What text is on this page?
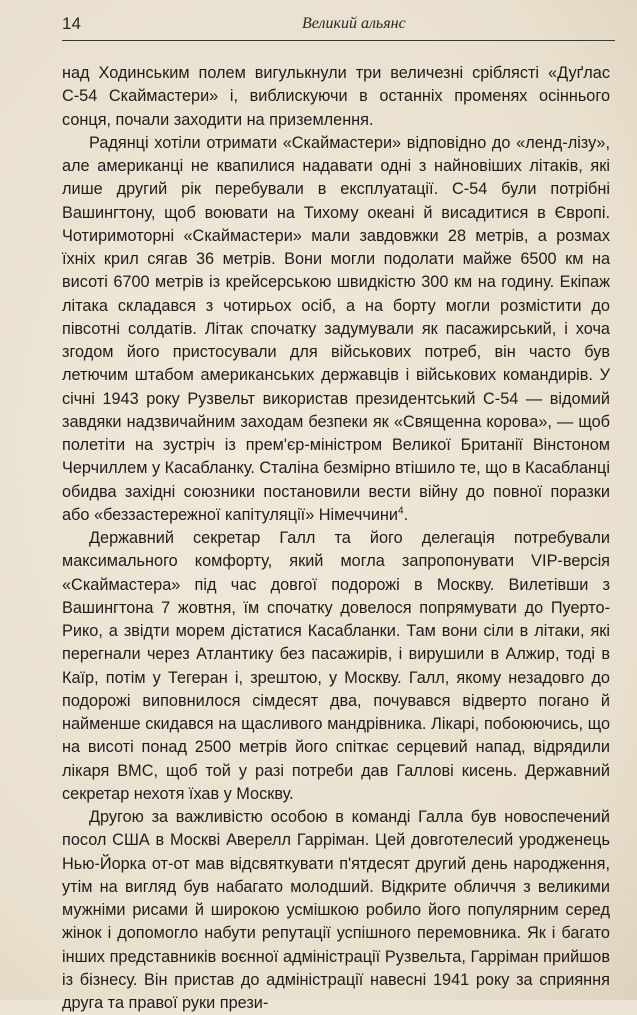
14	Великий альянс

над Ходинським полем вигулькнули три величезні сріблясті «Дуґлас С-54 Скаймастери» і, виблискуючи в останніх променях осіннього сонця, почали заходити на приземлення.

Радянці хотіли отримати «Скаймастери» відповідно до «ленд-лізу», але американці не квапилися надавати одні з найновіших літаків, які лише другий рік перебували в експлуатації. С-54 були потрібні Вашингтону, щоб воювати на Тихому океані й висадитися в Європі. Чотиримоторні «Скаймастери» мали завдовжки 28 метрів, а розмах їхніх крил сягав 36 метрів. Вони могли подолати майже 6500 км на висоті 6700 метрів із крейсерською швидкістю 300 км на годину. Екіпаж літака складався з чотирьох осіб, а на борту могли розмістити до півсотні солдатів. Літак спочатку задумували як пасажирський, і хоча згодом його пристосували для військових потреб, він часто був летючим штабом американських державців і військових командирів. У січні 1943 року Рузвельт використав президентський С-54 — відомий завдяки надзвичайним заходам безпеки як «Священна корова», — щоб полетіти на зустріч із прем'єр-міністром Великої Британії Вінстоном Черчиллем у Касабланку. Сталіна безмірно втішило те, що в Касабланці обидва західні союзники постановили вести війну до повної поразки або «беззастережної капітуляції» Німеччини$^4$.

Державний секретар Галл та його делегація потребували максимального комфорту, який могла запропонувати VIP-версія «Скаймастера» під час довгої подорожі в Москву. Вилетівши з Вашингтона 7 жовтня, їм спочатку довелося попрямувати до Пуерто-Рико, а звідти морем дістатися Касабланки. Там вони сіли в літаки, які перегнали через Атлантику без пасажирів, і вирушили в Алжир, тоді в Каїр, потім у Тегеран і, зрештою, у Москву. Галл, якому незадовго до подорожі виповнилося сімдесят два, почувався відверто погано й найменше скидався на щасливого мандрівника. Лікарі, побоюючись, що на висоті понад 2500 метрів його спіткає серцевий напад, відрядили лікаря ВМС, щоб той у разі потреби дав Галлові кисень. Державний секретар нехотя їхав у Москву.

Другою за важливістю особою в команді Галла був новоспечений посол США в Москві Аверелл Гарріман. Цей довготелесий уродженець Нью-Йорка от-от мав відсвяткувати п'ятдесят другий день народження, утім на вигляд був набагато молодший. Відкрите обличчя з великими мужніми рисами й широкою усмішкою робило його популярним серед жінок і допомогло набути репутації успішного перемовника. Як і багато інших представників воєнної адміністрації Рузвельта, Гарріман прийшов із бізнесу. Він пристав до адміністрації навесні 1941 року за сприяння друга та правої руки прези-
